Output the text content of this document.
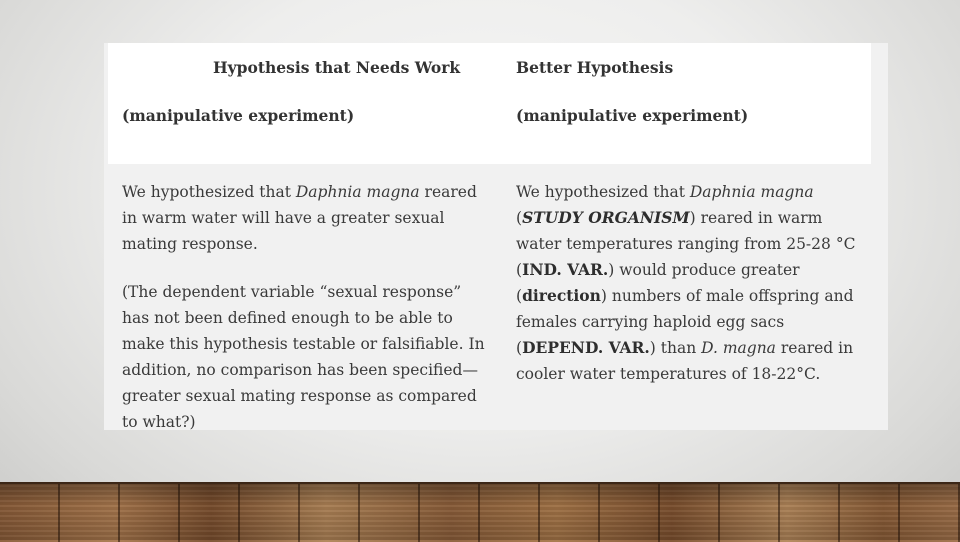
Hypothesis that Needs Work	Better Hypothesis
(manipulative experiment)	(manipulative experiment)

We hypothesized that Daphnia magna reared in warm water will have a greater sexual mating response.

(The dependent variable “sexual response” has not been defined enough to be able to make this hypothesis testable or falsifiable. In addition, no comparison has been specified— greater sexual mating response as compared to what?)

We hypothesized that Daphnia magna
(STUDY ORGANISM) reared in warm water temperatures ranging from 25-28 °C (IND. VAR.) would produce greater (direction) numbers of male offspring and females carrying haploid egg sacs (DEPEND. VAR.) than D. magna reared in cooler water temperatures of 18-22°C.
